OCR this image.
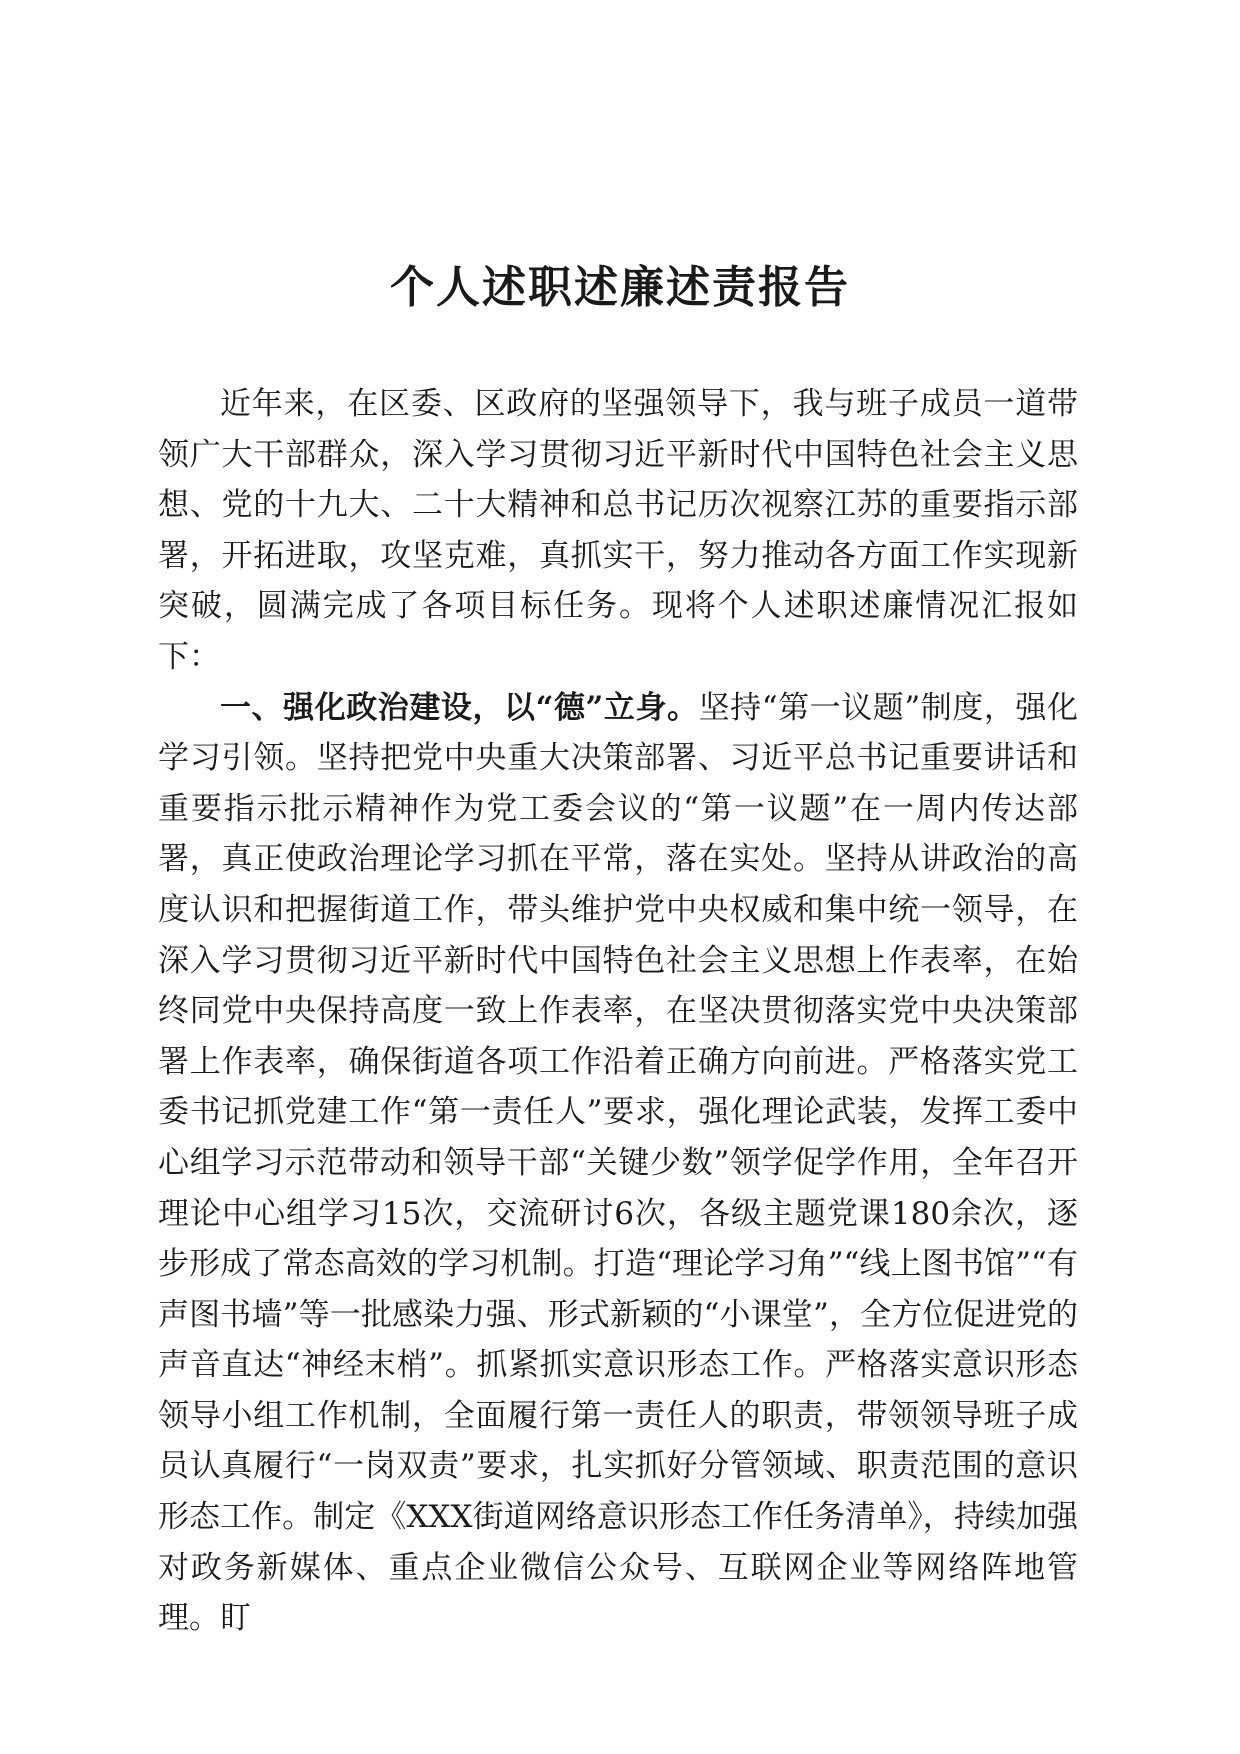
个人述职述廉述责报告

近年来，在区委、区政府的坚强领导下，我与班子成员一道带领广大干部群众，深入学习贯彻习近平新时代中国特色社会主义思想、党的十九大、二十大精神和总书记历次视察江苏的重要指示部署，开拓进取，攻坚克难，真抓实干，努力推动各方面工作实现新突破，圆满完成了各项目标任务。现将个人述职述廉情况汇报如下：

一、强化政治建设，以“德”立身。坚持“第一议题”制度，强化学习引领。坚持把党中央重大决策部署、习近平总书记重要讲话和重要指示批示精神作为党工委会议的“第一议题”在一周内传达部署，真正使政治理论学习抓在平常，落在实处。坚持从讲政治的高度认识和把握街道工作，带头维护党中央权威和集中统一领导，在深入学习贯彻习近平新时代中国特色社会主义思想上作表率，在始终同党中央保持高度一致上作表率，在坚决贯彻落实党中央决策部署上作表率，确保街道各项工作沿着正确方向前进。严格落实党工委书记抓党建工作“第一责任人”要求，强化理论武装，发挥工委中心组学习示范带动和领导干部“关键少数”领学促学作用，全年召开理论中心组学习15次，交流研讨6次，各级主题党课180余次，逐步形成了常态高效的学习机制。打造“理论学习角”“线上图书馆”“有声图书墙”等一批感染力强、形式新颖的“小课堂”，全方位促进党的声音直达“神经末梢”。抓紧抓实意识形态工作。严格落实意识形态领导小组工作机制，全面履行第一责任人的职责，带领领导班子成员认真履行“一岗双责”要求，扎实抓好分管领域、职责范围的意识形态工作。制定《XXX街道网络意识形态工作任务清单》，持续加强对政务新媒体、重点企业微信公众号、互联网企业等网络阵地管理。盯
